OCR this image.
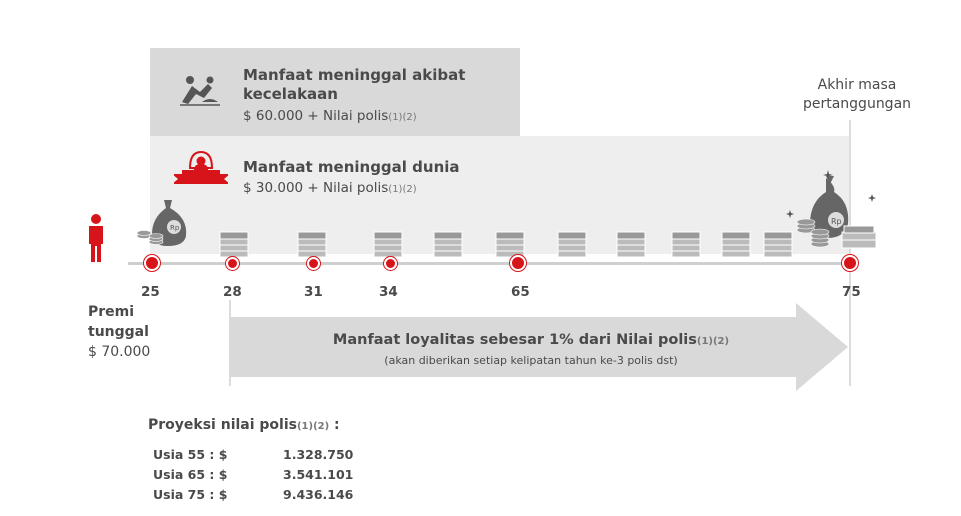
Manfaat meninggal akibat
kecelakaan
$ 60.000 + Nilai polis(1)(2)
Manfaat meninggal dunia
$ 30.000 + Nilai polis(1)(2)
Akhir masa
pertanggungan
Rp
Rp
25	28	31	34	65	75
Premi
tunggal
$ 70.000
Manfaat loyalitas sebesar 1% dari Nilai polis(1)(2)
(akan diberikan setiap kelipatan tahun ke-3 polis dst)
Proyeksi nilai polis(1)(2) :
Usia 55 : $	1.328.750
Usia 65 : $	3.541.101
Usia 75 : $	9.436.146
